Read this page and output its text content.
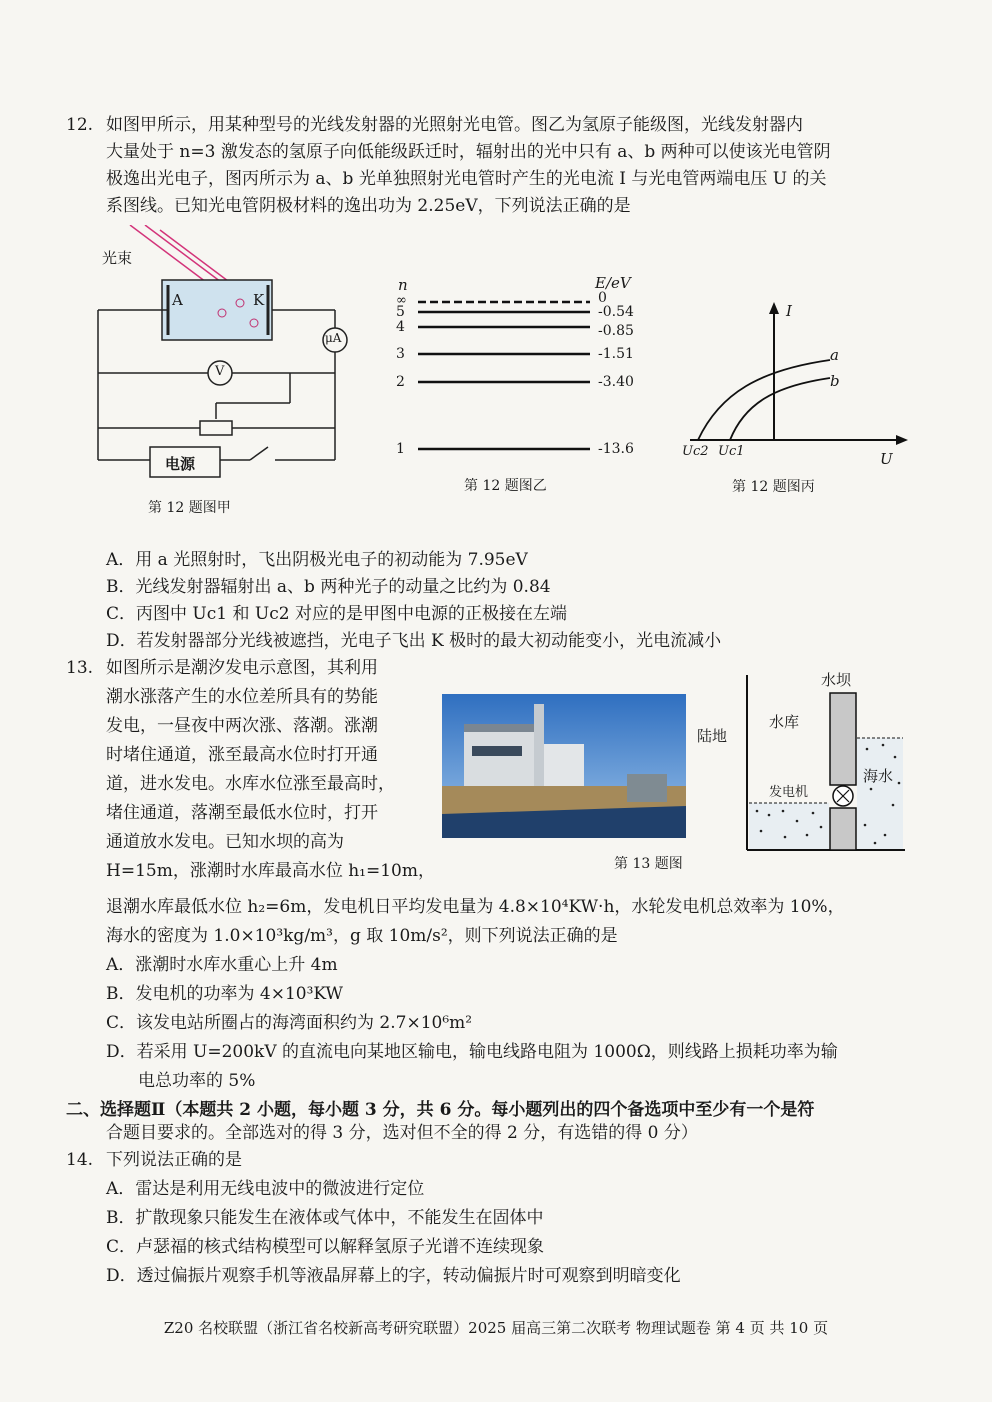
12. 如图甲所示，用某种型号的光线发射器的光照射光电管。图乙为氢原子能级图，光线发射器内
大量处于 n=3 激发态的氢原子向低能级跃迁时，辐射出的光中只有 a、b 两种可以使该光电管阴
极逸出光电子，图丙所示为 a、b 光单独照射光电管时产生的光电流 I 与光电管两端电压 U 的关
系图线。已知光电管阴极材料的逸出功为 2.25eV，下列说法正确的是
光束
A	K
μA
V
电源
第 12 题图甲
n	E/eV
∞	0
5	-0.54
4	-0.85
3	-1.51
2	-3.40
1	-13.6
第 12 题图乙
I
U
a
b
Uc2 Uc1
第 12 题图丙
A．用 a 光照射时，飞出阴极光电子的初动能为 7.95eV
B．光线发射器辐射出 a、b 两种光子的动量之比约为 0.84
C．丙图中 Uc1 和 Uc2 对应的是甲图中电源的正极接在左端
D．若发射器部分光线被遮挡，光电子飞出 K 极时的最大初动能变小，光电流减小
13. 如图所示是潮汐发电示意图，其利用
潮水涨落产生的水位差所具有的势能
发电，一昼夜中两次涨、落潮。涨潮
时堵住通道，涨至最高水位时打开通
道，进水发电。水库水位涨至最高时，
堵住通道，落潮至最低水位时，打开
通道放水发电。已知水坝的高为
H=15m，涨潮时水库最高水位 h₁=10m，
水坝
陆地
水库
海水
发电机
第 13 题图
退潮水库最低水位 h₂=6m，发电机日平均发电量为 4.8×10⁴KW·h，水轮发电机总效率为 10%，
海水的密度为 1.0×10³kg/m³，g 取 10m/s²，则下列说法正确的是
A．涨潮时水库水重心上升 4m
B．发电机的功率为 4×10³KW
C．该发电站所圈占的海湾面积约为 2.7×10⁶m²
D．若采用 U=200kV 的直流电向某地区输电，输电线路电阻为 1000Ω，则线路上损耗功率为输
电总功率的 5%
二、选择题Ⅱ（本题共 2 小题，每小题 3 分，共 6 分。每小题列出的四个备选项中至少有一个是符
合题目要求的。全部选对的得 3 分，选对但不全的得 2 分，有选错的得 0 分）
14. 下列说法正确的是
A．雷达是利用无线电波中的微波进行定位
B．扩散现象只能发生在液体或气体中，不能发生在固体中
C．卢瑟福的核式结构模型可以解释氢原子光谱不连续现象
D．透过偏振片观察手机等液晶屏幕上的字，转动偏振片时可观察到明暗变化
Z20 名校联盟（浙江省名校新高考研究联盟）2025 届高三第二次联考 物理试题卷 第 4 页 共 10 页
